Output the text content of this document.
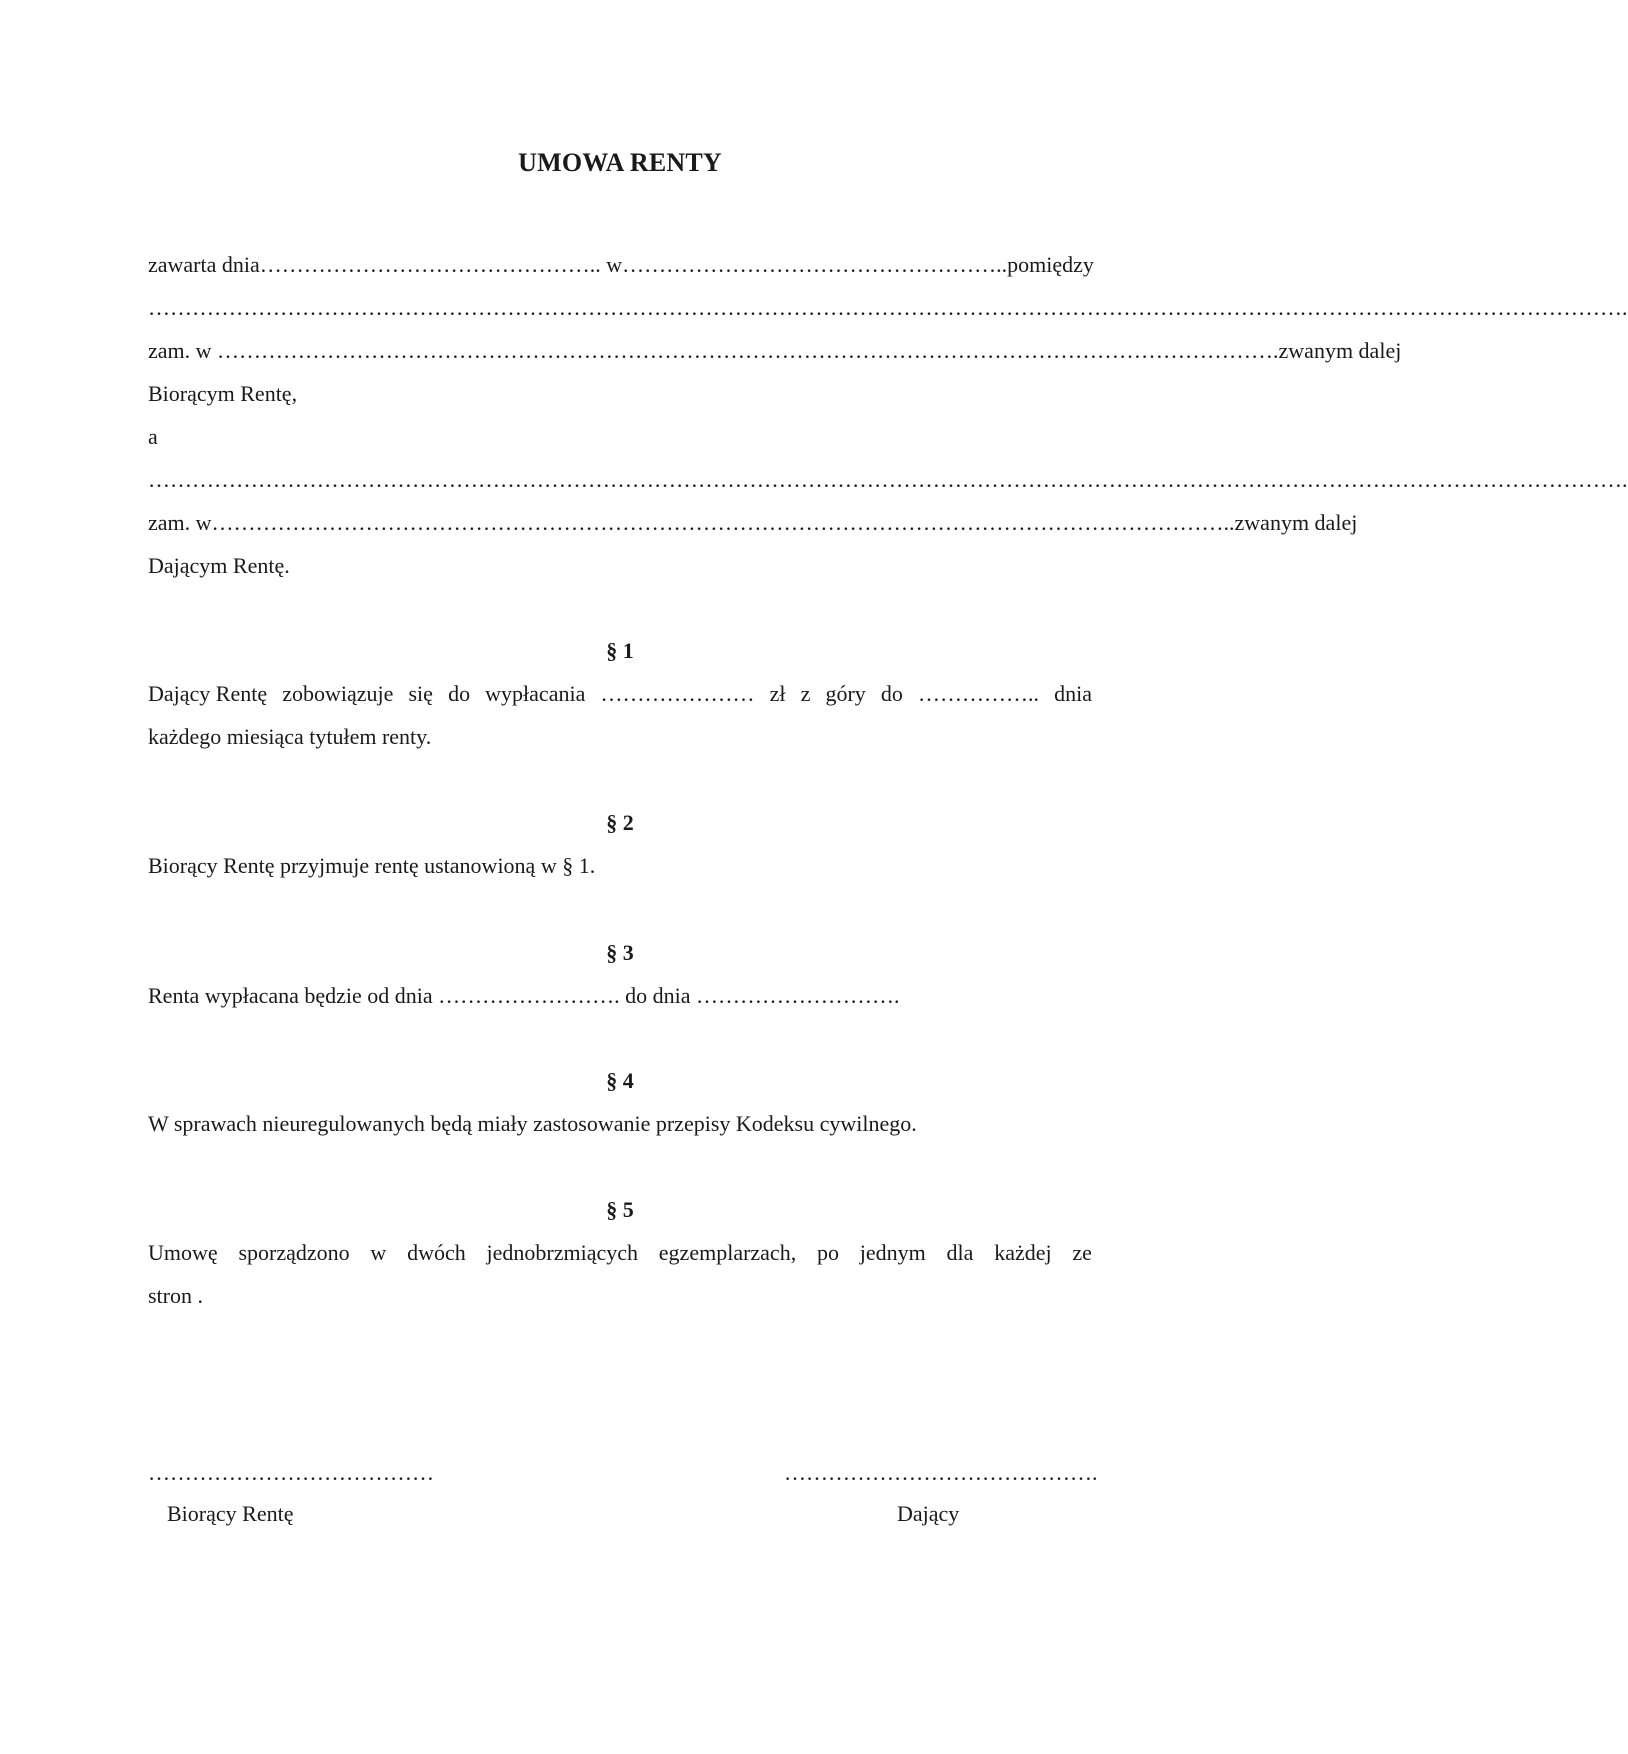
UMOWA RENTY
zawarta dnia……………………………………….. w…………………………………………….. pomiędzy
………………………………………………………………………………………………………………………………………………………………………………….
zam. w ………………………………………………………………………………………………………………………………. zwanym dalej
Biorącym Rentę,
a
………………………………………………………………………………………………………………………………………………………………………………….
zam. w………………………………………………………………………………………………………………………….. zwanym dalej
Dającym Rentę.
§ 1
Dający Rentę zobowiązuje się do wypłacania ………………… zł z góry do …………….. dnia
każdego miesiąca tytułem renty.
§ 2
Biorący Rentę przyjmuje rentę ustanowioną w § 1.
§ 3
Renta wypłacana będzie od dnia ……………………. do dnia ……………………….
§ 4
W sprawach nieuregulowanych będą miały zastosowanie przepisy Kodeksu cywilnego.
§ 5
Umowę sporządzono w dwóch jednobrzmiących egzemplarzach, po jednym dla każdej ze
stron .
…………………………………	…………………………………….
Biorący Rentę	Dający
